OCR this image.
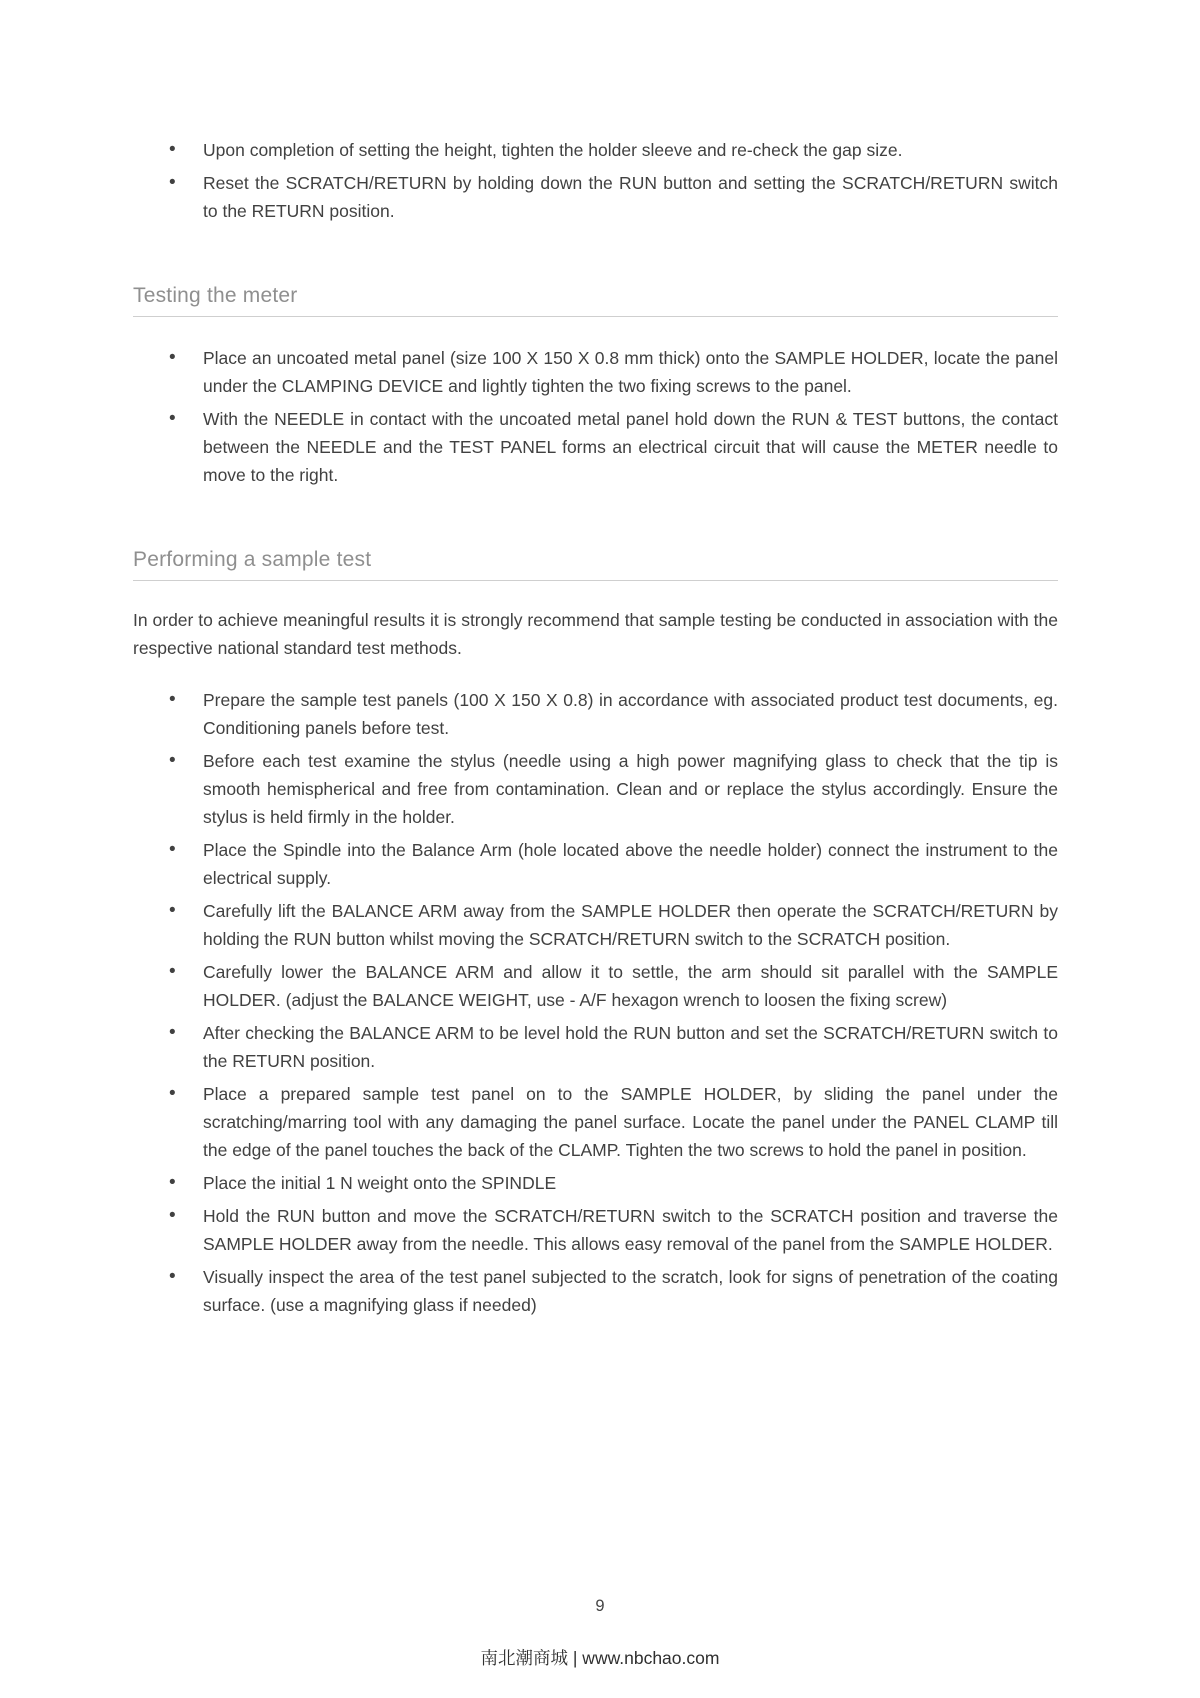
• Upon completion of setting the height, tighten the holder sleeve and re-check the gap size.
• Reset the SCRATCH/RETURN by holding down the RUN button and setting the SCRATCH/RETURN switch to the RETURN position.
Testing the meter
• Place an uncoated metal panel (size 100 X 150 X 0.8 mm thick) onto the SAMPLE HOLDER, locate the panel under the CLAMPING DEVICE and lightly tighten the two fixing screws to the panel.
• With the NEEDLE in contact with the uncoated metal panel hold down the RUN & TEST buttons, the contact between the NEEDLE and the TEST PANEL forms an electrical circuit that will cause the METER needle to move to the right.
Performing a sample test

In order to achieve meaningful results it is strongly recommend that sample testing be conducted in association with the respective national standard test methods.

• Prepare the sample test panels (100 X 150 X 0.8) in accordance with associated product test documents, eg. Conditioning panels before test.
• Before each test examine the stylus (needle using a high power magnifying glass to check that the tip is smooth hemispherical and free from contamination. Clean and or replace the stylus accordingly. Ensure the stylus is held firmly in the holder.
• Place the Spindle into the Balance Arm (hole located above the needle holder) connect the instrument to the electrical supply.
• Carefully lift the BALANCE ARM away from the SAMPLE HOLDER then operate the SCRATCH/RETURN by holding the RUN button whilst moving the SCRATCH/RETURN switch to the SCRATCH position.
• Carefully lower the BALANCE ARM and allow it to settle, the arm should sit parallel with the SAMPLE HOLDER. (adjust the BALANCE WEIGHT, use - A/F hexagon wrench to loosen the fixing screw)
• After checking the BALANCE ARM to be level hold the RUN button and set the SCRATCH/RETURN switch to the RETURN position.
• Place a prepared sample test panel on to the SAMPLE HOLDER, by sliding the panel under the scratching/marring tool with any damaging the panel surface. Locate the panel under the PANEL CLAMP till the edge of the panel touches the back of the CLAMP. Tighten the two screws to hold the panel in position.
• Place the initial 1 N weight onto the SPINDLE
• Hold the RUN button and move the SCRATCH/RETURN switch to the SCRATCH position and traverse the SAMPLE HOLDER away from the needle. This allows easy removal of the panel from the SAMPLE HOLDER.
• Visually inspect the area of the test panel subjected to the scratch, look for signs of penetration of the coating surface. (use a magnifying glass if needed)
9
南北潮商城 | www.nbchao.com
